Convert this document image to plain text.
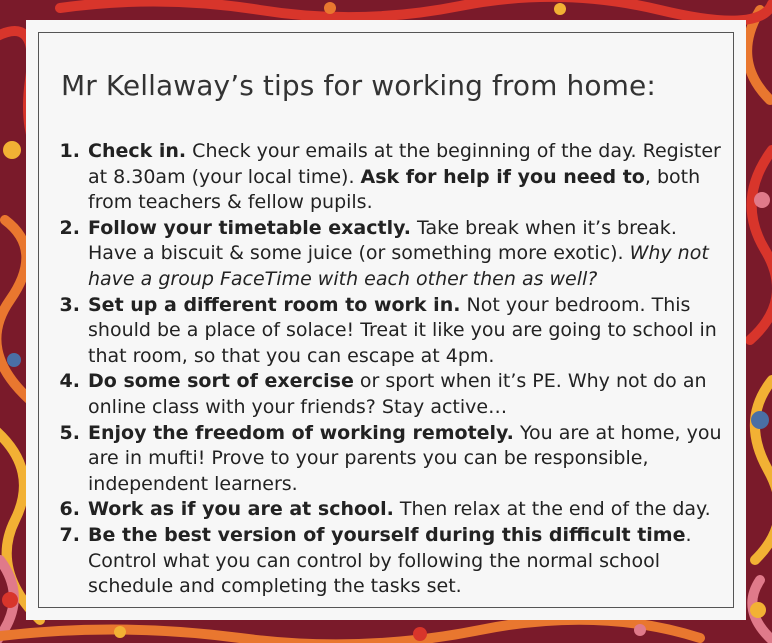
Mr Kellaway’s tips for working from home:
1. Check in. Check your emails at the beginning of the day. Register at 8.30am (your local time). Ask for help if you need to, both from teachers & fellow pupils.
2. Follow your timetable exactly. Take break when it’s break. Have a biscuit & some juice (or something more exotic). Why not have a group FaceTime with each other then as well?
3. Set up a different room to work in. Not your bedroom. This should be a place of solace! Treat it like you are going to school in that room, so that you can escape at 4pm.
4. Do some sort of exercise or sport when it’s PE. Why not do an online class with your friends? Stay active…
5. Enjoy the freedom of working remotely. You are at home, you are in mufti! Prove to your parents you can be responsible, independent learners.
6. Work as if you are at school. Then relax at the end of the day.
7. Be the best version of yourself during this difficult time. Control what you can control by following the normal school schedule and completing the tasks set.
